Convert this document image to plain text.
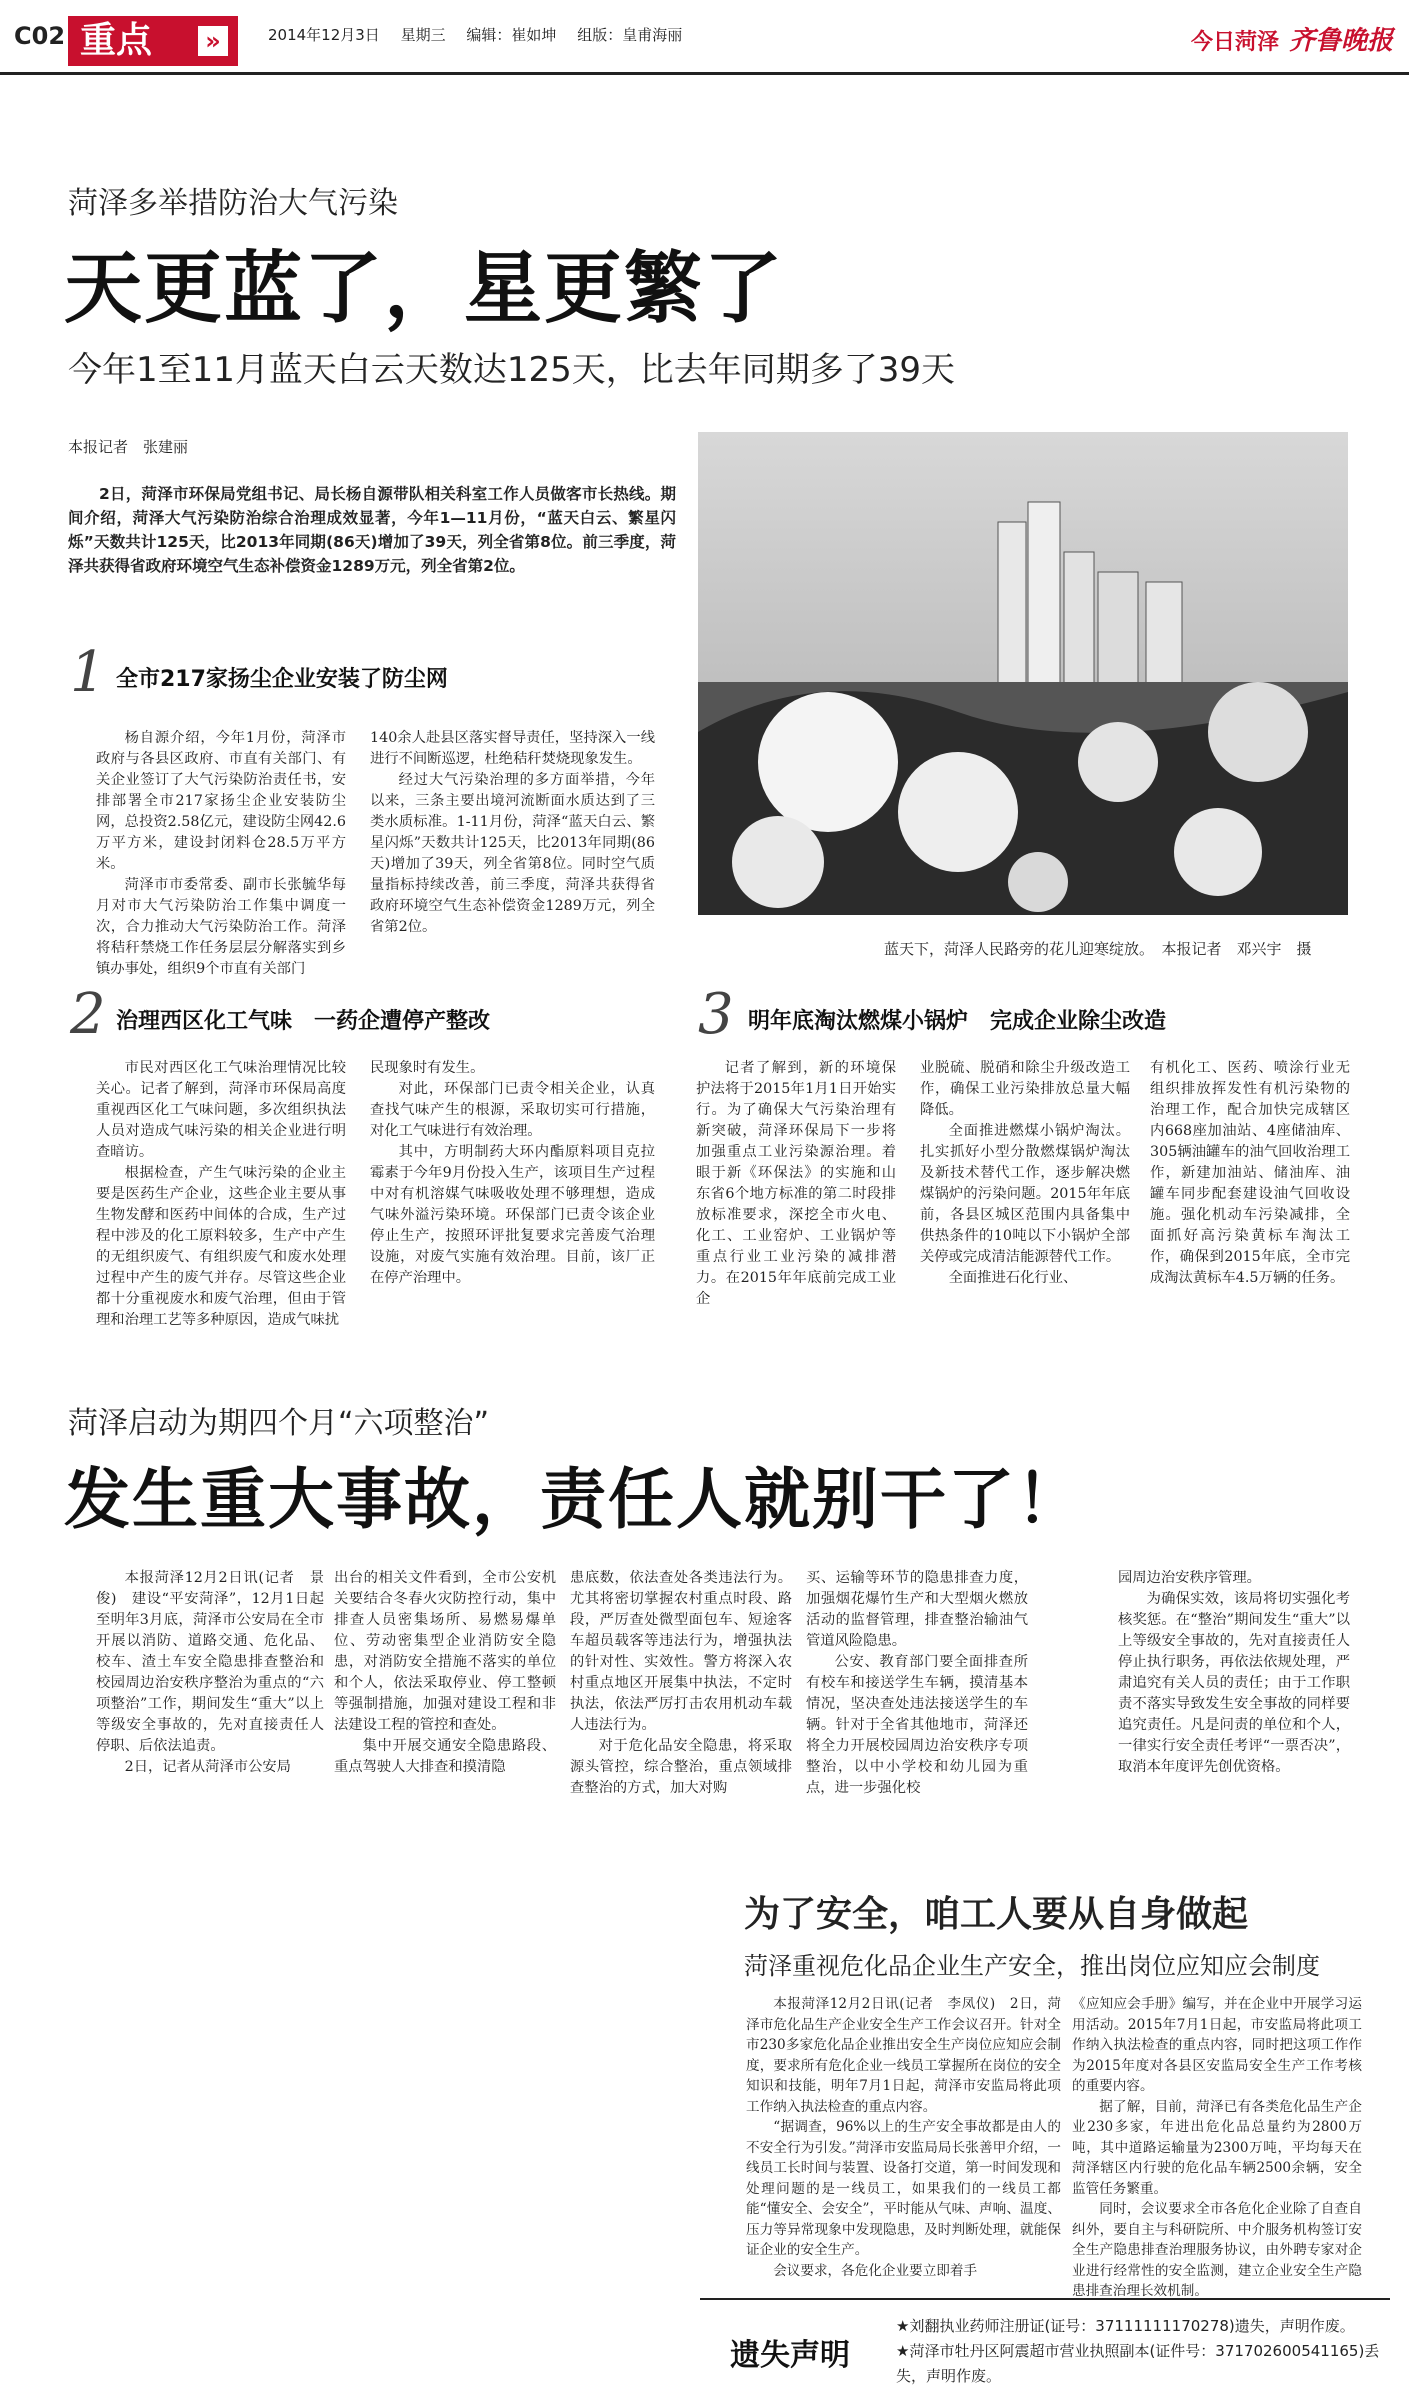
C02 重点	»	2014年12月3日 星期三 编辑：崔如坤 组版：皇甫海丽	今日菏泽 齐鲁晚报
菏泽多举措防治大气污染
天更蓝了，星更繁了
今年1至11月蓝天白云天数达125天，比去年同期多了39天
本报记者　张建丽
2日，菏泽市环保局党组书记、局长杨自源带队相关科室工作人员做客市长热线。期间介绍，菏泽大气污染防治综合治理成效显著，今年1—11月份，“蓝天白云、繁星闪烁”天数共计125天，比2013年同期(86天)增加了39天，列全省第8位。前三季度，菏泽共获得省政府环境空气生态补偿资金1289万元，列全省第2位。
1 全市217家扬尘企业安装了防尘网

杨自源介绍，今年1月份，菏泽市政府与各县区政府、市直有关部门、有关企业签订了大气污染防治责任书，安排部署全市217家扬尘企业安装防尘网，总投资2.58亿元，建设防尘网42.6万平方米，建设封闭料仓28.5万平方米。

菏泽市市委常委、副市长张毓华每月对市大气污染防治工作集中调度一次，合力推动大气污染防治工作。菏泽将秸秆禁烧工作任务层层分解落实到乡镇办事处，组织9个市直有关部门

140余人赴县区落实督导责任，坚持深入一线进行不间断巡逻，杜绝秸秆焚烧现象发生。

经过大气污染治理的多方面举措，今年以来，三条主要出境河流断面水质达到了三类水质标准。1-11月份，菏泽“蓝天白云、繁星闪烁”天数共计125天，比2013年同期(86天)增加了39天，列全省第8位。同时空气质量指标持续改善，前三季度，菏泽共获得省政府环境空气生态补偿资金1289万元，列全省第2位。

蓝天下，菏泽人民路旁的花儿迎寒绽放。　本报记者　邓兴宇　摄
2 治理西区化工气味　一药企遭停产整改

市民对西区化工气味治理情况比较关心。记者了解到，菏泽市环保局高度重视西区化工气味问题，多次组织执法人员对造成气味污染的相关企业进行明查暗访。

根据检查，产生气味污染的企业主要是医药生产企业，这些企业主要从事生物发酵和医药中间体的合成，生产过程中涉及的化工原料较多，生产中产生的无组织废气、有组织废气和废水处理过程中产生的废气并存。尽管这些企业都十分重视废水和废气治理，但由于管理和治理工艺等多种原因，造成气味扰

民现象时有发生。

对此，环保部门已责令相关企业，认真查找气味产生的根源，采取切实可行措施，对化工气味进行有效治理。

其中，方明制药大环内酯原料项目克拉霉素于今年9月份投入生产，该项目生产过程中对有机溶媒气味吸收处理不够理想，造成气味外溢污染环境。环保部门已责令该企业停止生产，按照环评批复要求完善废气治理设施，对废气实施有效治理。目前，该厂正在停产治理中。

3 明年底淘汰燃煤小锅炉　完成企业除尘改造

记者了解到，新的环境保护法将于2015年1月1日开始实行。为了确保大气污染治理有新突破，菏泽环保局下一步将加强重点工业污染源治理。着眼于新《环保法》的实施和山东省6个地方标准的第二时段排放标准要求，深挖全市火电、化工、工业窑炉、工业锅炉等重点行业工业污染的减排潜力。在2015年年底前完成工业企

业脱硫、脱硝和除尘升级改造工作，确保工业污染排放总量大幅降低。

全面推进燃煤小锅炉淘汰。扎实抓好小型分散燃煤锅炉淘汰及新技术替代工作，逐步解决燃煤锅炉的污染问题。2015年年底前，各县区城区范围内具备集中供热条件的10吨以下小锅炉全部关停或完成清洁能源替代工作。

全面推进石化行业、

有机化工、医药、喷涂行业无组织排放挥发性有机污染物的治理工作，配合加快完成辖区内668座加油站、4座储油库、305辆油罐车的油气回收治理工作，新建加油站、储油库、油罐车同步配套建设油气回收设施。强化机动车污染减排，全面抓好高污染黄标车淘汰工作，确保到2015年底，全市完成淘汰黄标车4.5万辆的任务。

菏泽启动为期四个月“六项整治”
发生重大事故，责任人就别干了！

本报菏泽12月2日讯(记者　景俊)　建设“平安菏泽”，12月1日起至明年3月底，菏泽市公安局在全市开展以消防、道路交通、危化品、校车、渣土车安全隐患排查整治和校园周边治安秩序整治为重点的“六项整治”工作，期间发生“重大”以上等级安全事故的，先对直接责任人停职、后依法追责。

2日，记者从菏泽市公安局

出台的相关文件看到，全市公安机关要结合冬春火灾防控行动，集中排查人员密集场所、易燃易爆单位、劳动密集型企业消防安全隐患，对消防安全措施不落实的单位和个人，依法采取停业、停工整顿等强制措施，加强对建设工程和非法建设工程的管控和查处。

集中开展交通安全隐患路段、重点驾驶人大排查和摸清隐

患底数，依法查处各类违法行为。尤其将密切掌握农村重点时段、路段，严厉查处微型面包车、短途客车超员载客等违法行为，增强执法的针对性、实效性。警方将深入农村重点地区开展集中执法，不定时执法，依法严厉打击农用机动车载人违法行为。

对于危化品安全隐患，将采取源头管控，综合整治，重点领域排查整治的方式，加大对购

买、运输等环节的隐患排查力度，加强烟花爆竹生产和大型烟火燃放活动的监督管理，排查整治输油气管道风险隐患。

公安、教育部门要全面排查所有校车和接送学生车辆，摸清基本情况，坚决查处违法接送学生的车辆。针对于全省其他地市，菏泽还将全力开展校园周边治安秩序专项整治，以中小学校和幼儿园为重点，进一步强化校

园周边治安秩序管理。

为确保实效，该局将切实强化考核奖惩。在“整治”期间发生“重大”以上等级安全事故的，先对直接责任人停止执行职务，再依法依规处理，严肃追究有关人员的责任；由于工作职责不落实导致发生安全事故的同样要追究责任。凡是问责的单位和个人，一律实行安全责任考评“一票否决”，取消本年度评先创优资格。

为了安全，咱工人要从自身做起
菏泽重视危化品企业生产安全，推出岗位应知应会制度

本报菏泽12月2日讯(记者　李凤仪)　2日，菏泽市危化品生产企业安全生产工作会议召开。针对全市230多家危化品企业推出安全生产岗位应知应会制度，要求所有危化企业一线员工掌握所在岗位的安全知识和技能，明年7月1日起，菏泽市安监局将此项工作纳入执法检查的重点内容。

“据调查，96%以上的生产安全事故都是由人的不安全行为引发。”菏泽市安监局局长张善甲介绍，一线员工长时间与装置、设备打交道，第一时间发现和处理问题的是一线员工，如果我们的一线员工都能“懂安全、会安全”，平时能从气味、声响、温度、压力等异常现象中发现隐患，及时判断处理，就能保证企业的安全生产。

会议要求，各危化企业要立即着手

《应知应会手册》编写，并在企业中开展学习运用活动。2015年7月1日起，市安监局将此项工作纳入执法检查的重点内容，同时把这项工作作为2015年度对各县区安监局安全生产工作考核的重要内容。

据了解，目前，菏泽已有各类危化品生产企业230多家，年进出危化品总量约为2800万吨，其中道路运输量为2300万吨，平均每天在菏泽辖区内行驶的危化品车辆2500余辆，安全监管任务繁重。

同时，会议要求全市各危化企业除了自查自纠外，要自主与科研院所、中介服务机构签订安全生产隐患排查治理服务协议，由外聘专家对企业进行经常性的安全监测，建立企业安全生产隐患排查治理长效机制。

遗失声明
★刘翻执业药师注册证(证号：37111111170278)遗失，声明作废。
★菏泽市牡丹区阿震超市营业执照副本(证件号：371702600541165)丢失，声明作废。
